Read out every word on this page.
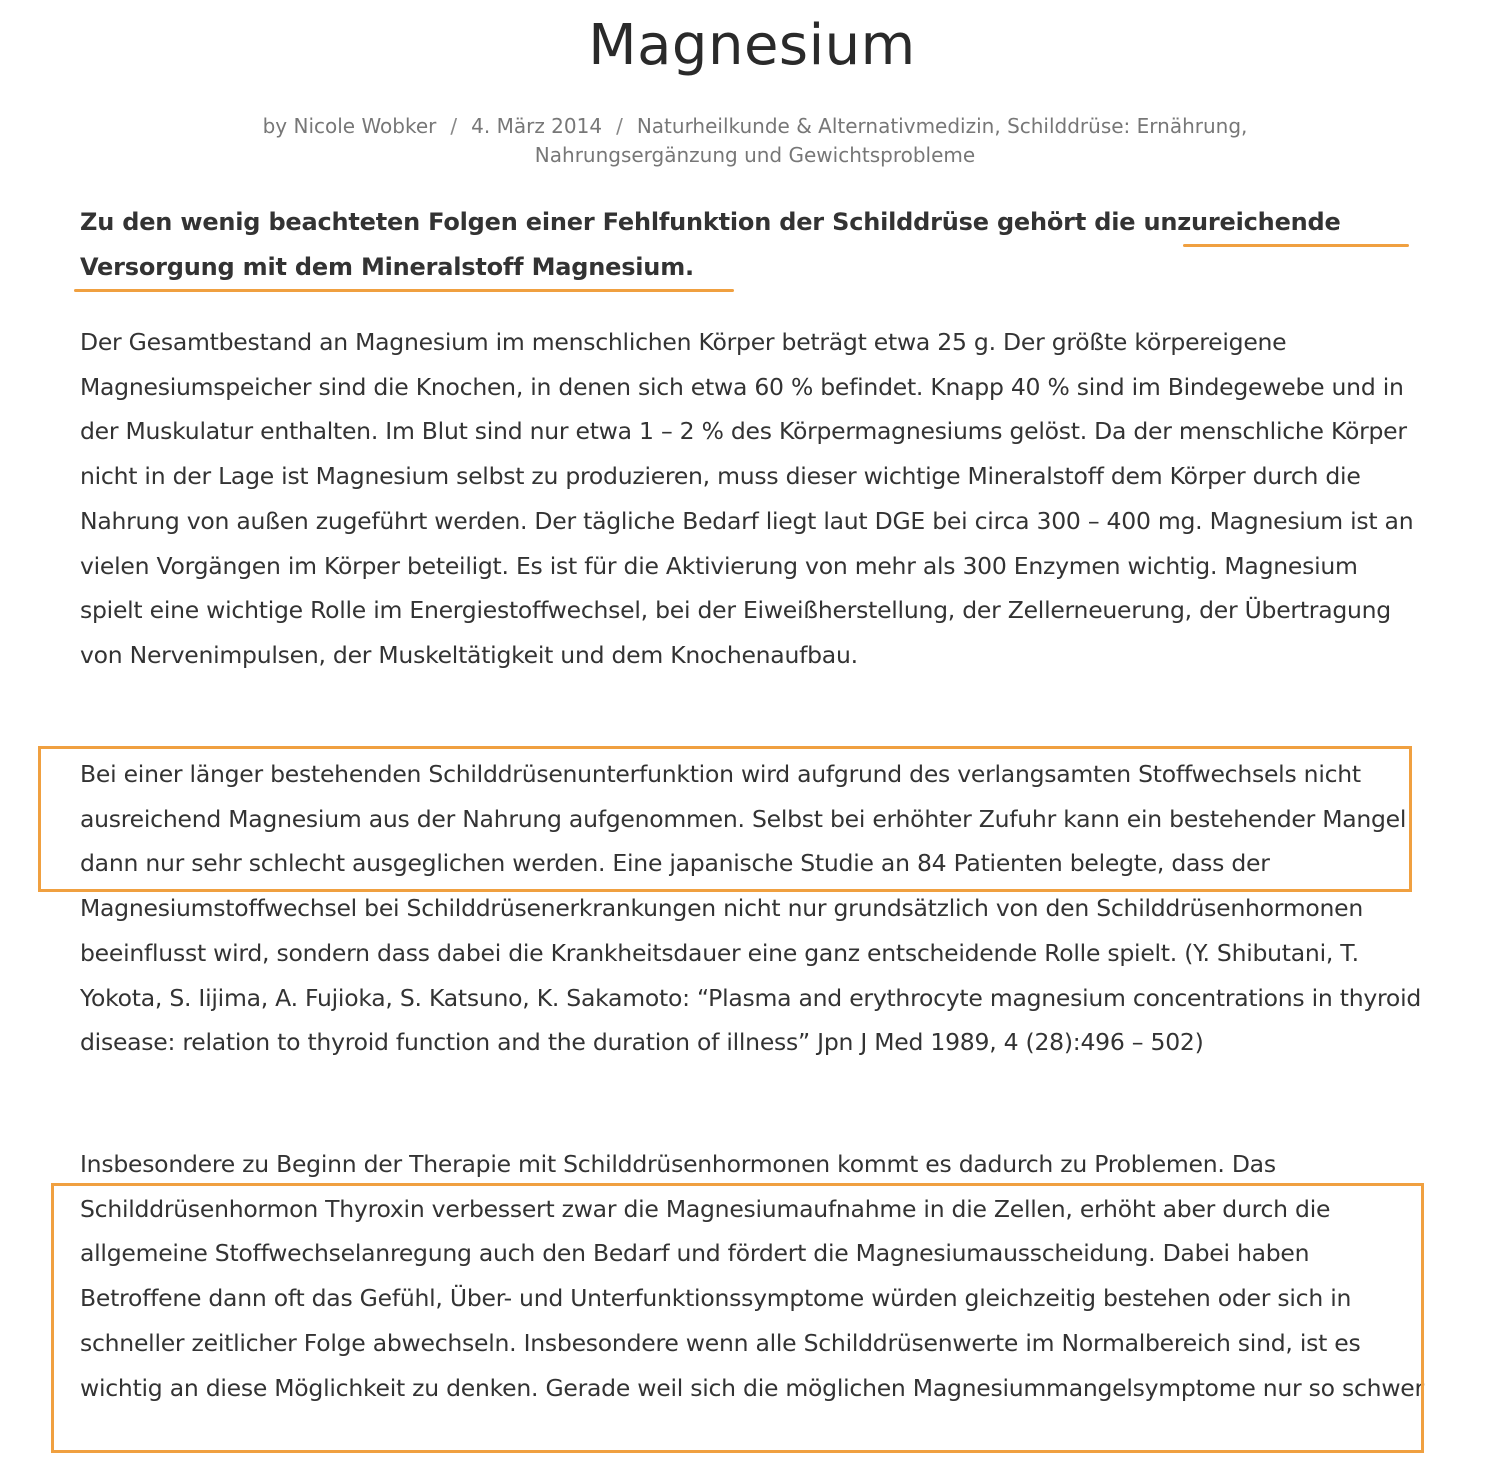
Magnesium
by Nicole Wobker / 4. März 2014 / Naturheilkunde & Alternativmedizin, Schilddrüse: Ernährung, Nahrungsergänzung und Gewichtsprobleme

Zu den wenig beachteten Folgen einer Fehlfunktion der Schilddrüse gehört die unzureichende Versorgung mit dem Mineralstoff Magnesium.

Der Gesamtbestand an Magnesium im menschlichen Körper beträgt etwa 25 g. Der größte körpereigene Magnesiumspeicher sind die Knochen, in denen sich etwa 60 % befindet. Knapp 40 % sind im Bindegewebe und in der Muskulatur enthalten. Im Blut sind nur etwa 1 – 2 % des Körpermagnesiums gelöst. Da der menschliche Körper nicht in der Lage ist Magnesium selbst zu produzieren, muss dieser wichtige Mineralstoff dem Körper durch die Nahrung von außen zugeführt werden. Der tägliche Bedarf liegt laut DGE bei circa 300 – 400 mg. Magnesium ist an vielen Vorgängen im Körper beteiligt. Es ist für die Aktivierung von mehr als 300 Enzymen wichtig. Magnesium spielt eine wichtige Rolle im Energiestoffwechsel, bei der Eiweißherstellung, der Zellerneuerung, der Übertragung von Nervenimpulsen, der Muskeltätigkeit und dem Knochenaufbau.

Bei einer länger bestehenden Schilddrüsenunterfunktion wird aufgrund des verlangsamten Stoffwechsels nicht ausreichend Magnesium aus der Nahrung aufgenommen. Selbst bei erhöhter Zufuhr kann ein bestehender Mangel dann nur sehr schlecht ausgeglichen werden. Eine japanische Studie an 84 Patienten belegte, dass der Magnesiumstoffwechsel bei Schilddrüsenerkrankungen nicht nur grundsätzlich von den Schilddrüsenhormonen beeinflusst wird, sondern dass dabei die Krankheitsdauer eine ganz entscheidende Rolle spielt. (Y. Shibutani, T. Yokota, S. Iijima, A. Fujioka, S. Katsuno, K. Sakamoto: “Plasma and erythrocyte magnesium concentrations in thyroid disease: relation to thyroid function and the duration of illness” Jpn J Med 1989, 4 (28):496 – 502)

Insbesondere zu Beginn der Therapie mit Schilddrüsenhormonen kommt es dadurch zu Problemen. Das Schilddrüsenhormon Thyroxin verbessert zwar die Magnesiumaufnahme in die Zellen, erhöht aber durch die allgemeine Stoffwechselanregung auch den Bedarf und fördert die Magnesiumausscheidung. Dabei haben Betroffene dann oft das Gefühl, Über- und Unterfunktionssymptome würden gleichzeitig bestehen oder sich in schneller zeitlicher Folge abwechseln. Insbesondere wenn alle Schilddrüsenwerte im Normalbereich sind, ist es wichtig an diese Möglichkeit zu denken. Gerade weil sich die möglichen Magnesiummangelsymptome nur so schwer
